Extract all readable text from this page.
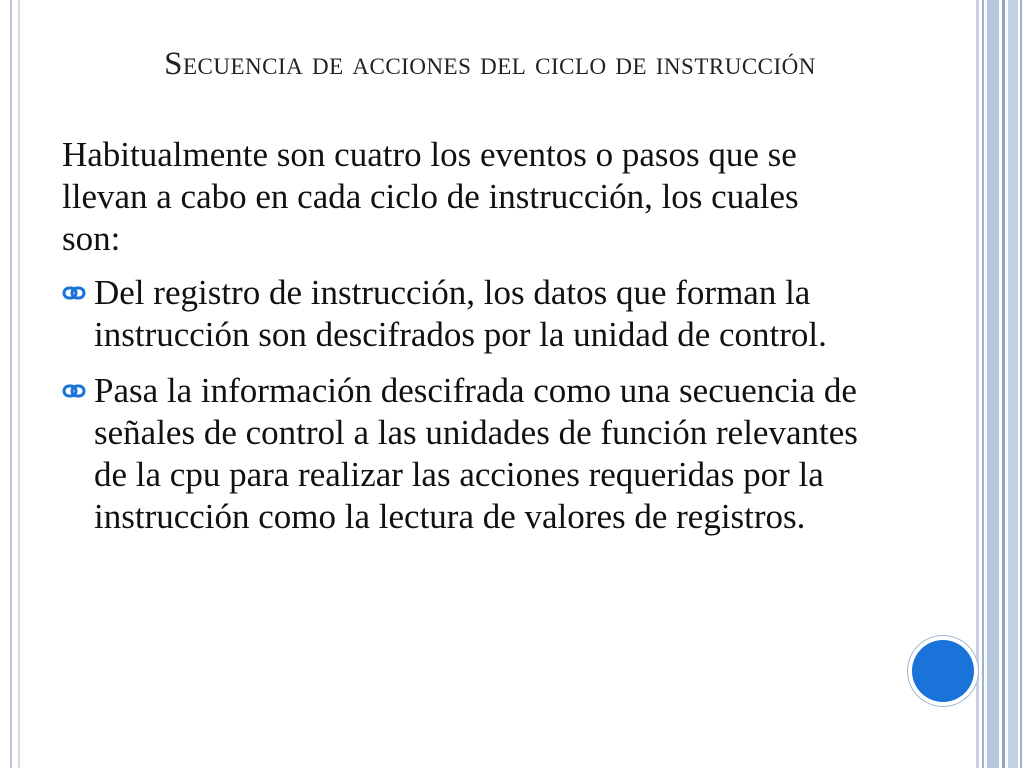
Secuencia de acciones del ciclo de instrucción

Habitualmente son cuatro los eventos o pasos que se llevan a cabo en cada ciclo de instrucción, los cuales son:

Del registro de instrucción, los datos que forman la instrucción son descifrados por la unidad de control.
Pasa la información descifrada como una secuencia de señales de control a las unidades de función relevantes de la cpu para realizar las acciones requeridas por la instrucción como la lectura de valores de registros.
